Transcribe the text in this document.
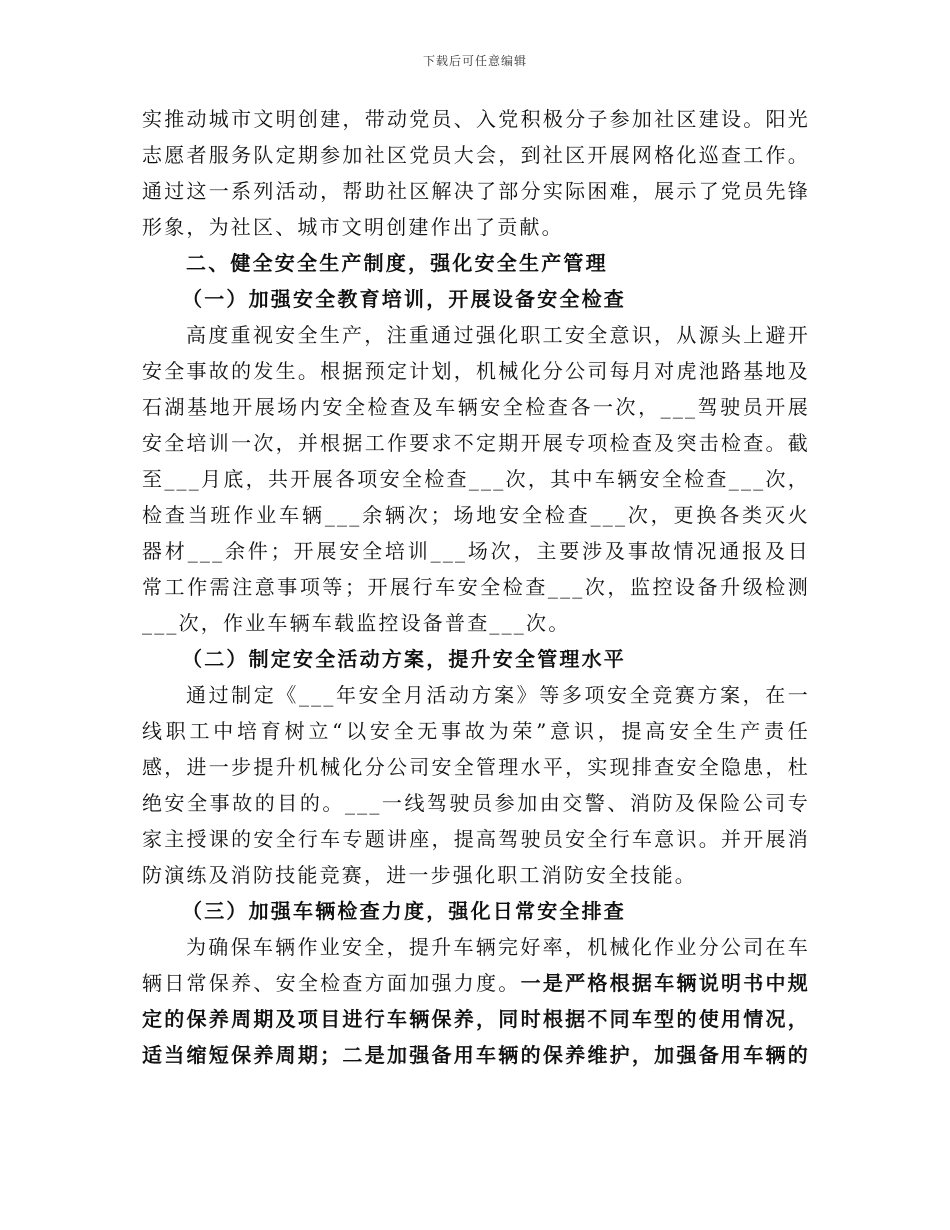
下载后可任意编辑

实推动城市文明创建，带动党员、入党积极分子参加社区建设。阳光志愿者服务队定期参加社区党员大会，到社区开展网格化巡查工作。通过这一系列活动，帮助社区解决了部分实际困难，展示了党员先锋形象，为社区、城市文明创建作出了贡献。

二、健全安全生产制度，强化安全生产管理

（一）加强安全教育培训，开展设备安全检查

高度重视安全生产，注重通过强化职工安全意识，从源头上避开安全事故的发生。根据预定计划，机械化分公司每月对虎池路基地及石湖基地开展场内安全检查及车辆安全检查各一次，___驾驶员开展安全培训一次，并根据工作要求不定期开展专项检查及突击检查。截至___月底，共开展各项安全检查___次，其中车辆安全检查___次，检查当班作业车辆___余辆次；场地安全检查___次，更换各类灭火器材___余件；开展安全培训___场次，主要涉及事故情况通报及日常工作需注意事项等；开展行车安全检查___次，监控设备升级检测___次，作业车辆车载监控设备普查___次。

（二）制定安全活动方案，提升安全管理水平

通过制定《___年安全月活动方案》等多项安全竞赛方案，在一线职工中培育树立“以安全无事故为荣”意识，提高安全生产责任感，进一步提升机械化分公司安全管理水平，实现排查安全隐患，杜绝安全事故的目的。___一线驾驶员参加由交警、消防及保险公司专家主授课的安全行车专题讲座，提高驾驶员安全行车意识。并开展消防演练及消防技能竞赛，进一步强化职工消防安全技能。

（三）加强车辆检查力度，强化日常安全排查

为确保车辆作业安全，提升车辆完好率，机械化作业分公司在车辆日常保养、安全检查方面加强力度。一是严格根据车辆说明书中规定的保养周期及项目进行车辆保养，同时根据不同车型的使用情况，适当缩短保养周期；二是加强备用车辆的保养维护，加强备用车辆的
